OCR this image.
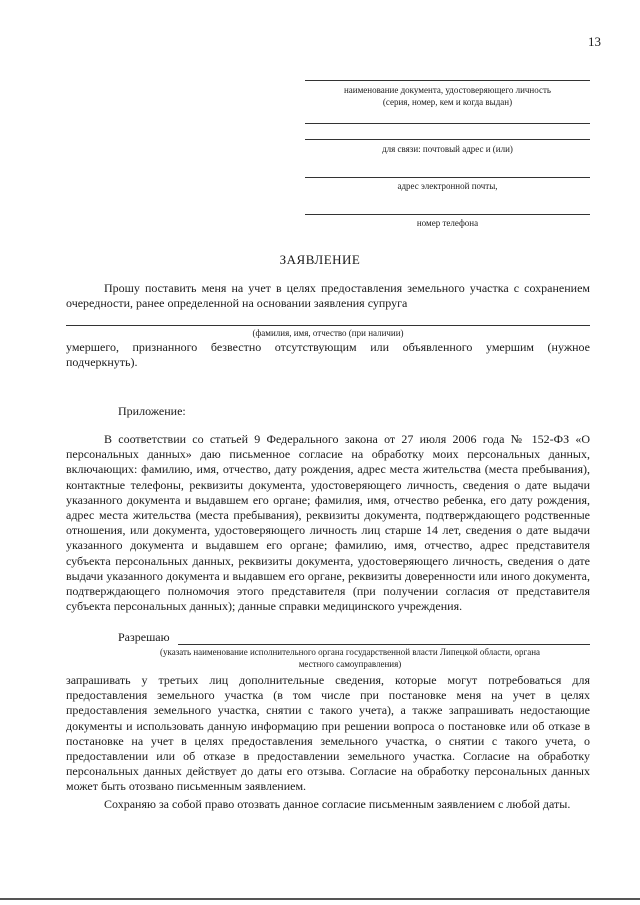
13
наименование документа, удостоверяющего личность
(серия, номер, кем и когда выдан)
для связи: почтовый адрес и (или)
адрес электронной почты,
номер телефона
ЗАЯВЛЕНИЕ

Прошу поставить меня на учет в целях предоставления земельного участка с сохранением очередности, ранее определенной на основании заявления супруга

(фамилия, имя, отчество (при наличии)

умершего, признанного безвестно отсутствующим или объявленного умершим (нужное подчеркнуть).

Приложение:

В соответствии со статьей 9 Федерального закона от 27 июля 2006 года № 152-ФЗ «О персональных данных» даю письменное согласие на обработку моих персональных данных, включающих: фамилию, имя, отчество, дату рождения, адрес места жительства (места пребывания), контактные телефоны, реквизиты документа, удостоверяющего личность, сведения о дате выдачи указанного документа и выдавшем его органе; фамилия, имя, отчество ребенка, его дату рождения, адрес места жительства (места пребывания), реквизиты документа, подтверждающего родственные отношения, или документа, удостоверяющего личность лиц старше 14 лет, сведения о дате выдачи указанного документа и выдавшем его органе; фамилию, имя, отчество, адрес представителя субъекта персональных данных, реквизиты документа, удостоверяющего личность, сведения о дате выдачи указанного документа и выдавшем его органе, реквизиты доверенности или иного документа, подтверждающего полномочия этого представителя (при получении согласия от представителя субъекта персональных данных); данные справки медицинского учреждения.

Разрешаю
(указать наименование исполнительного органа государственной власти Липецкой области, органа
местного самоуправления)

запрашивать у третьих лиц дополнительные сведения, которые могут потребоваться для предоставления земельного участка (в том числе при постановке меня на учет в целях предоставления земельного участка, снятии с такого учета), а также запрашивать недостающие документы и использовать данную информацию при решении вопроса о постановке или об отказе в постановке на учет в целях предоставления земельного участка, о снятии с такого учета, о предоставлении или об отказе в предоставлении земельного участка. Согласие на обработку персональных данных действует до даты его отзыва. Согласие на обработку персональных данных может быть отозвано письменным заявлением.

Сохраняю за собой право отозвать данное согласие письменным заявлением с любой даты.
